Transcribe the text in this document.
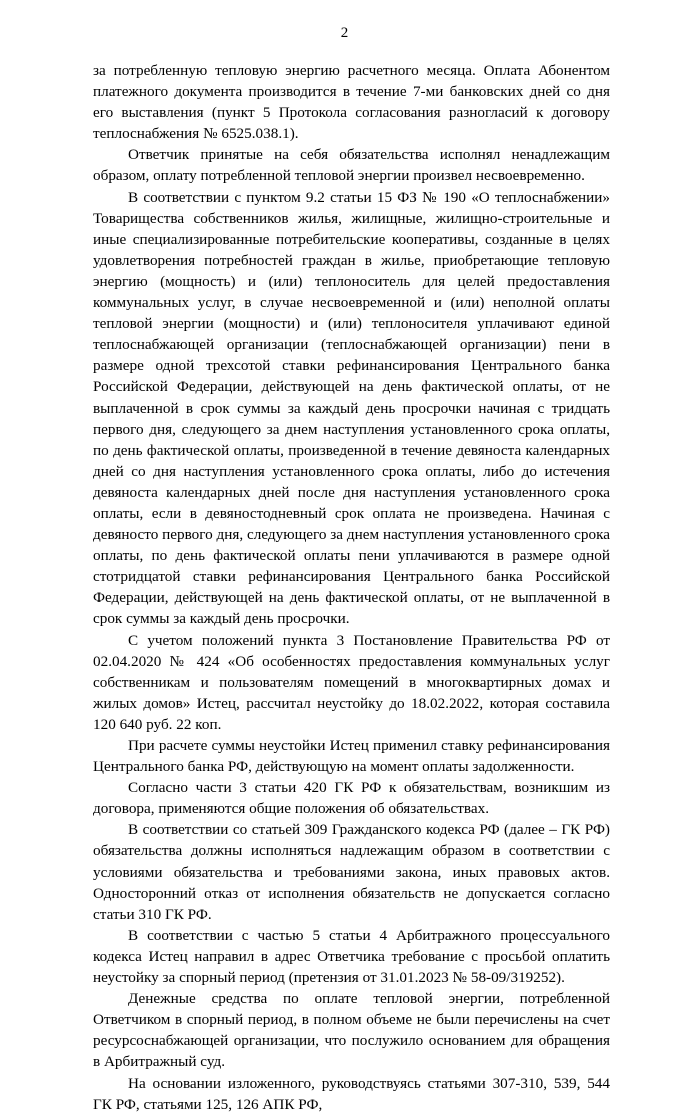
2

за потребленную тепловую энергию расчетного месяца. Оплата Абонентом платежного документа производится в течение 7-ми банковских дней со дня его выставления (пункт 5 Протокола согласования разногласий к договору теплоснабжения № 6525.038.1).

Ответчик принятые на себя обязательства исполнял ненадлежащим образом, оплату потребленной тепловой энергии произвел несвоевременно.

В соответствии с пунктом 9.2 статьи 15 ФЗ № 190 «О теплоснабжении» Товарищества собственников жилья, жилищные, жилищно-строительные и иные специализированные потребительские кооперативы, созданные в целях удовлетворения потребностей граждан в жилье, приобретающие тепловую энергию (мощность) и (или) теплоноситель для целей предоставления коммунальных услуг, в случае несвоевременной и (или) неполной оплаты тепловой энергии (мощности) и (или) теплоносителя уплачивают единой теплоснабжающей организации (теплоснабжающей организации) пени в размере одной трехсотой ставки рефинансирования Центрального банка Российской Федерации, действующей на день фактической оплаты, от не выплаченной в срок суммы за каждый день просрочки начиная с тридцать первого дня, следующего за днем наступления установленного срока оплаты, по день фактической оплаты, произведенной в течение девяноста календарных дней со дня наступления установленного срока оплаты, либо до истечения девяноста календарных дней после дня наступления установленного срока оплаты, если в девяностодневный срок оплата не произведена. Начиная с девяносто первого дня, следующего за днем наступления установленного срока оплаты, по день фактической оплаты пени уплачиваются в размере одной стотридцатой ставки рефинансирования Центрального банка Российской Федерации, действующей на день фактической оплаты, от не выплаченной в срок суммы за каждый день просрочки.

С учетом положений пункта 3 Постановление Правительства РФ от 02.04.2020 № 424 «Об особенностях предоставления коммунальных услуг собственникам и пользователям помещений в многоквартирных домах и жилых домов» Истец, рассчитал неустойку до 18.02.2022, которая составила 120 640 руб. 22 коп.

При расчете суммы неустойки Истец применил ставку рефинансирования Центрального банка РФ, действующую на момент оплаты задолженности.

Согласно части 3 статьи 420 ГК РФ к обязательствам, возникшим из договора, применяются общие положения об обязательствах.

В соответствии со статьей 309 Гражданского кодекса РФ (далее – ГК РФ) обязательства должны исполняться надлежащим образом в соответствии с условиями обязательства и требованиями закона, иных правовых актов. Односторонний отказ от исполнения обязательств не допускается согласно статьи 310 ГК РФ.

В соответствии с частью 5 статьи 4 Арбитражного процессуального кодекса Истец направил в адрес Ответчика требование с просьбой оплатить неустойку за спорный период (претензия от 31.01.2023 № 58-09/319252).

Денежные средства по оплате тепловой энергии, потребленной Ответчиком в спорный период, в полном объеме не были перечислены на счет ресурсоснабжающей организации, что послужило основанием для обращения в Арбитражный суд.

На основании изложенного, руководствуясь статьями 307-310, 539, 544 ГК РФ, статьями 125, 126 АПК РФ,
